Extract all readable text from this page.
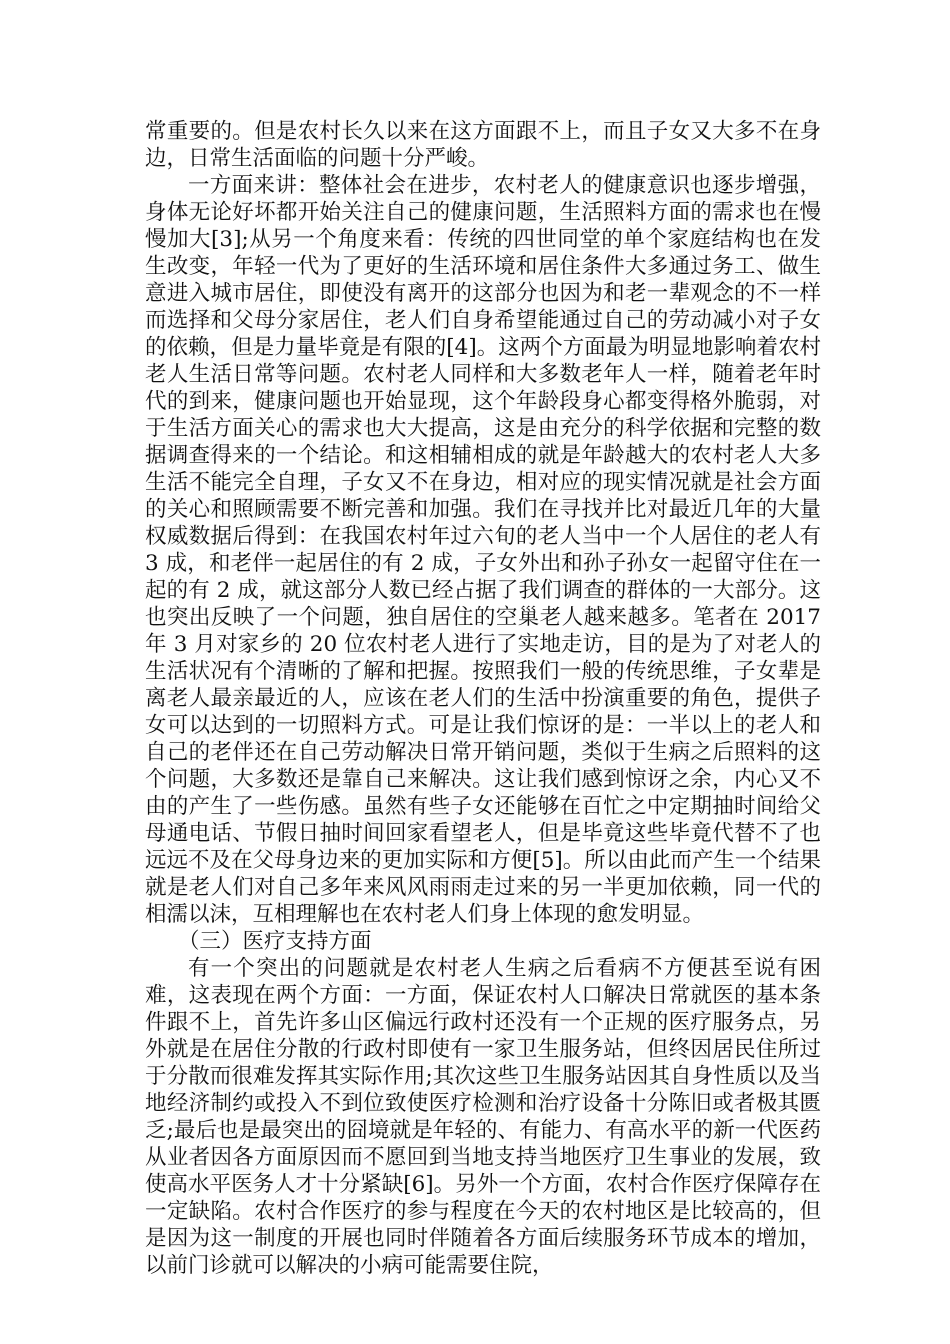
常重要的。但是农村长久以来在这方面跟不上，而且子女又大多不在身边，日常生活面临的问题十分严峻。

一方面来讲：整体社会在进步，农村老人的健康意识也逐步增强，身体无论好坏都开始关注自己的健康问题，生活照料方面的需求也在慢慢加大[3];从另一个角度来看：传统的四世同堂的单个家庭结构也在发生改变，年轻一代为了更好的生活环境和居住条件大多通过务工、做生意进入城市居住，即使没有离开的这部分也因为和老一辈观念的不一样而选择和父母分家居住，老人们自身希望能通过自己的劳动减小对子女的依赖，但是力量毕竟是有限的[4]。这两个方面最为明显地影响着农村老人生活日常等问题。农村老人同样和大多数老年人一样，随着老年时代的到来，健康问题也开始显现，这个年龄段身心都变得格外脆弱，对于生活方面关心的需求也大大提高，这是由充分的科学依据和完整的数据调查得来的一个结论。和这相辅相成的就是年龄越大的农村老人大多生活不能完全自理，子女又不在身边，相对应的现实情况就是社会方面的关心和照顾需要不断完善和加强。我们在寻找并比对最近几年的大量权威数据后得到：在我国农村年过六旬的老人当中一个人居住的老人有 3 成，和老伴一起居住的有 2 成，子女外出和孙子孙女一起留守住在一起的有 2 成，就这部分人数已经占据了我们调查的群体的一大部分。这也突出反映了一个问题，独自居住的空巢老人越来越多。笔者在 2017 年 3 月对家乡的 20 位农村老人进行了实地走访，目的是为了对老人的生活状况有个清晰的了解和把握。按照我们一般的传统思维，子女辈是离老人最亲最近的人，应该在老人们的生活中扮演重要的角色，提供子女可以达到的一切照料方式。可是让我们惊讶的是：一半以上的老人和自己的老伴还在自己劳动解决日常开销问题，类似于生病之后照料的这个问题，大多数还是靠自己来解决。这让我们感到惊讶之余，内心又不由的产生了一些伤感。虽然有些子女还能够在百忙之中定期抽时间给父母通电话、节假日抽时间回家看望老人，但是毕竟这些毕竟代替不了也远远不及在父母身边来的更加实际和方便[5]。所以由此而产生一个结果就是老人们对自己多年来风风雨雨走过来的另一半更加依赖，同一代的相濡以沫，互相理解也在农村老人们身上体现的愈发明显。

（三）医疗支持方面

有一个突出的问题就是农村老人生病之后看病不方便甚至说有困难，这表现在两个方面：一方面，保证农村人口解决日常就医的基本条件跟不上，首先许多山区偏远行政村还没有一个正规的医疗服务点，另外就是在居住分散的行政村即使有一家卫生服务站，但终因居民住所过于分散而很难发挥其实际作用;其次这些卫生服务站因其自身性质以及当地经济制约或投入不到位致使医疗检测和治疗设备十分陈旧或者极其匮乏;最后也是最突出的囧境就是年轻的、有能力、有高水平的新一代医药从业者因各方面原因而不愿回到当地支持当地医疗卫生事业的发展，致使高水平医务人才十分紧缺[6]。另外一个方面，农村合作医疗保障存在一定缺陷。农村合作医疗的参与程度在今天的农村地区是比较高的，但是因为这一制度的开展也同时伴随着各方面后续服务环节成本的增加，以前门诊就可以解决的小病可能需要住院，
